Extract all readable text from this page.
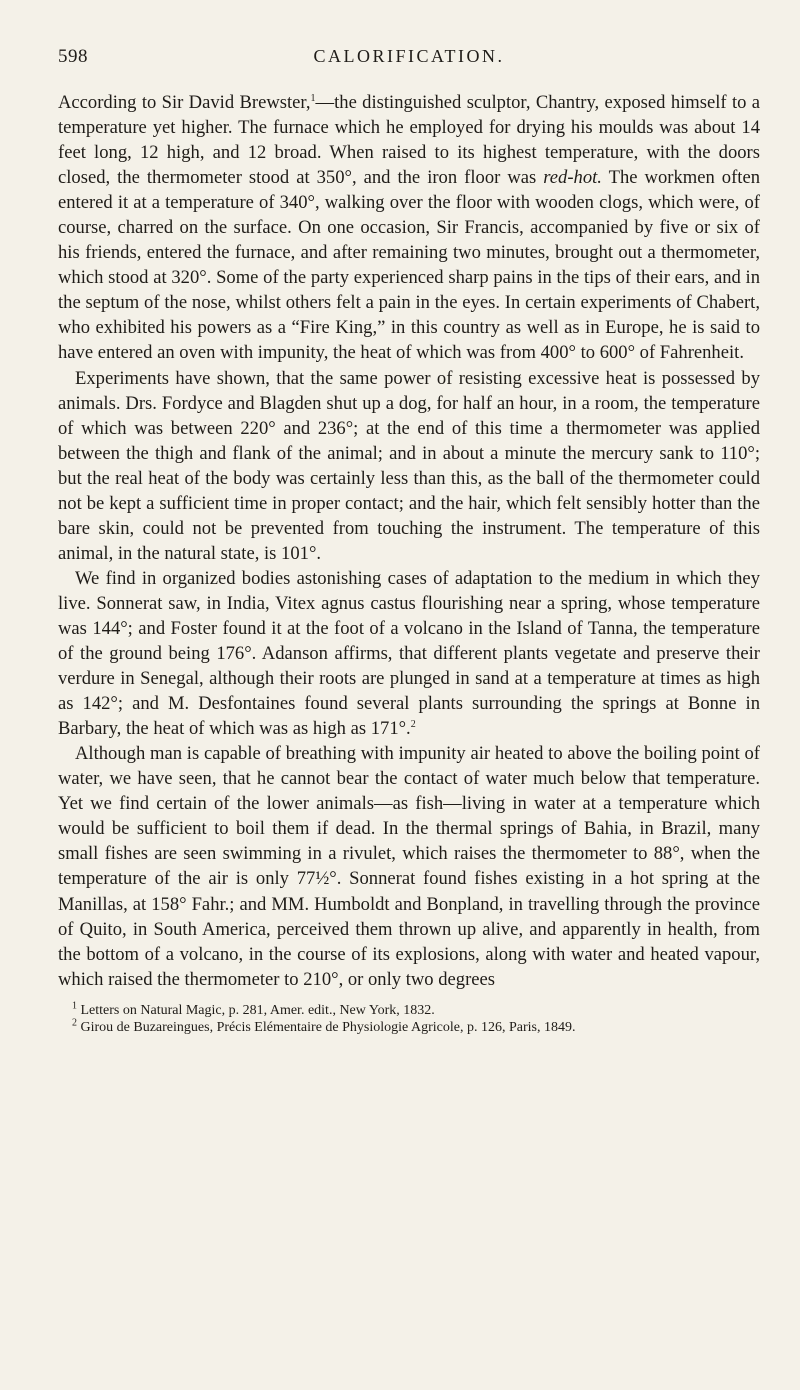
598	CALORIFICATION.

According to Sir David Brewster,$^1$—the distinguished sculptor, Chantry, exposed himself to a temperature yet higher. The furnace which he employed for drying his moulds was about 14 feet long, 12 high, and 12 broad. When raised to its highest temperature, with the doors closed, the thermometer stood at 350°, and the iron floor was red-hot. The workmen often entered it at a temperature of 340°, walking over the floor with wooden clogs, which were, of course, charred on the surface. On one occasion, Sir Francis, accompanied by five or six of his friends, entered the furnace, and after remaining two minutes, brought out a thermometer, which stood at 320°. Some of the party experienced sharp pains in the tips of their ears, and in the septum of the nose, whilst others felt a pain in the eyes. In certain experiments of Chabert, who exhibited his powers as a “Fire King,” in this country as well as in Europe, he is said to have entered an oven with impunity, the heat of which was from 400° to 600° of Fahrenheit.

Experiments have shown, that the same power of resisting excessive heat is possessed by animals. Drs. Fordyce and Blagden shut up a dog, for half an hour, in a room, the temperature of which was between 220° and 236°; at the end of this time a thermometer was applied between the thigh and flank of the animal; and in about a minute the mercury sank to 110°; but the real heat of the body was certainly less than this, as the ball of the thermometer could not be kept a sufficient time in proper contact; and the hair, which felt sensibly hotter than the bare skin, could not be prevented from touching the instrument. The temperature of this animal, in the natural state, is 101°.

We find in organized bodies astonishing cases of adaptation to the medium in which they live. Sonnerat saw, in India, Vitex agnus castus flourishing near a spring, whose temperature was 144°; and Foster found it at the foot of a volcano in the Island of Tanna, the temperature of the ground being 176°. Adanson affirms, that different plants vegetate and preserve their verdure in Senegal, although their roots are plunged in sand at a temperature at times as high as 142°; and M. Desfontaines found several plants surrounding the springs at Bonne in Barbary, the heat of which was as high as 171°.$^2$

Although man is capable of breathing with impunity air heated to above the boiling point of water, we have seen, that he cannot bear the contact of water much below that temperature. Yet we find certain of the lower animals—as fish—living in water at a temperature which would be sufficient to boil them if dead. In the thermal springs of Bahia, in Brazil, many small fishes are seen swimming in a rivulet, which raises the thermometer to 88°, when the temperature of the air is only 77½°. Sonnerat found fishes existing in a hot spring at the Manillas, at 158° Fahr.; and MM. Humboldt and Bonpland, in travelling through the province of Quito, in South America, perceived them thrown up alive, and apparently in health, from the bottom of a volcano, in the course of its explosions, along with water and heated vapour, which raised the thermometer to 210°, or only two degrees

$^1$ Letters on Natural Magic, p. 281, Amer. edit., New York, 1832.

$^2$ Girou de Buzareingues, Précis Elémentaire de Physiologie Agricole, p. 126, Paris, 1849.
